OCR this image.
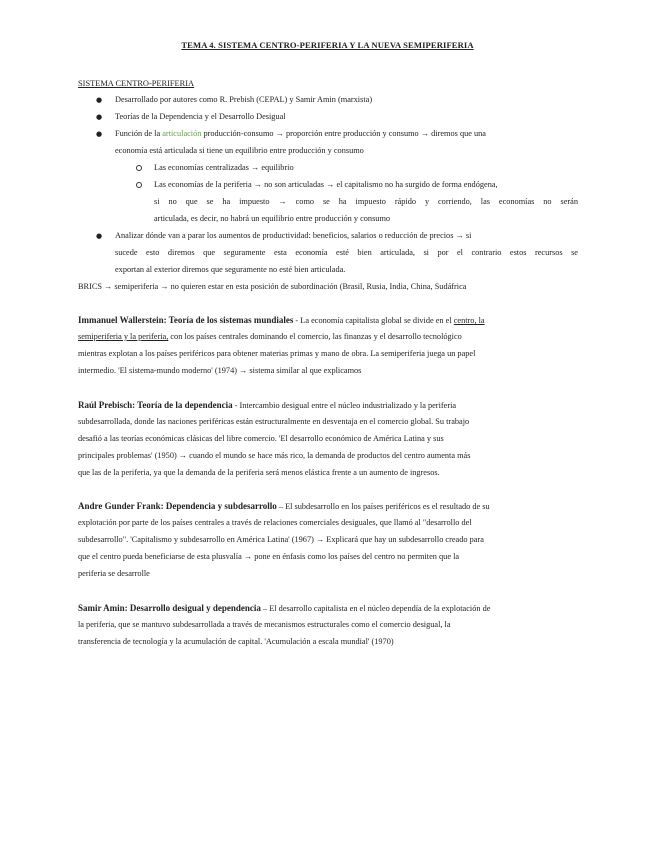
TEMA 4. SISTEMA CENTRO-PERIFERIA Y LA NUEVA SEMIPERIFERIA
SISTEMA CENTRO-PERIFERIA
● Desarrollado por autores como R. Prebish (CEPAL) y Samir Amin (marxista)
● Teorías de la Dependencia y el Desarrollo Desigual
● Función de la articulación producción-consumo → proporción entre producción y consumo → diremos que una
economía está articulada si tiene un equilibrio entre producción y consumo
Las economías centralizadas → equilibrio
Las economías de la periferia → no son articuladas → el capitalismo no ha surgido de forma endógena,
si no que se ha impuesto → como se ha impuesto rápido y corriendo, las economías no serán
articulada, es decir, no habrá un equilibrio entre producción y consumo
● Analizar dónde van a parar los aumentos de productividad: beneficios, salarios o reducción de precios → si
sucede esto diremos que seguramente esta economía esté bien articulada, si por el contrario estos recursos se
exportan al exterior diremos que seguramente no esté bien articulada.
BRICS → semiperiferia → no quieren estar en esta posición de subordinación (Brasil, Rusia, India, China, Sudáfrica
Immanuel Wallerstein: Teoría de los sistemas mundiales - La economía capitalista global se divide en el centro, la
semiperiferia y la periferia, con los países centrales dominando el comercio, las finanzas y el desarrollo tecnológico
mientras explotan a los países periféricos para obtener materias primas y mano de obra. La semiperiferia juega un papel
intermedio. 'El sistema-mundo moderno' (1974) → sistema similar al que explicamos
Raúl Prebisch: Teoría de la dependencia - Intercambio desigual entre el núcleo industrializado y la periferia
subdesarrollada, donde las naciones periféricas están estructuralmente en desventaja en el comercio global. Su trabajo
desafió a las teorías económicas clásicas del libre comercio. 'El desarrollo económico de América Latina y sus
principales problemas' (1950) → cuando el mundo se hace más rico, la demanda de productos del centro aumenta más
que las de la periferia, ya que la demanda de la periferia será menos elástica frente a un aumento de ingresos.
Andre Gunder Frank: Dependencia y subdesarrollo – El subdesarrollo en los países periféricos es el resultado de su
explotación por parte de los países centrales a través de relaciones comerciales desiguales, que llamó al "desarrollo del
subdesarrollo". 'Capitalismo y subdesarrollo en América Latina' (1967) → Explicará que hay un subdesarrollo creado para
que el centro pueda beneficiarse de esta plusvalía → pone en énfasis como los países del centro no permiten que la
periferia se desarrolle
Samir Amin: Desarrollo desigual y dependencia – El desarrollo capitalista en el núcleo dependía de la explotación de
la periferia, que se mantuvo subdesarrollada a través de mecanismos estructurales como el comercio desigual, la
transferencia de tecnología y la acumulación de capital. 'Acumulación a escala mundial' (1970)
